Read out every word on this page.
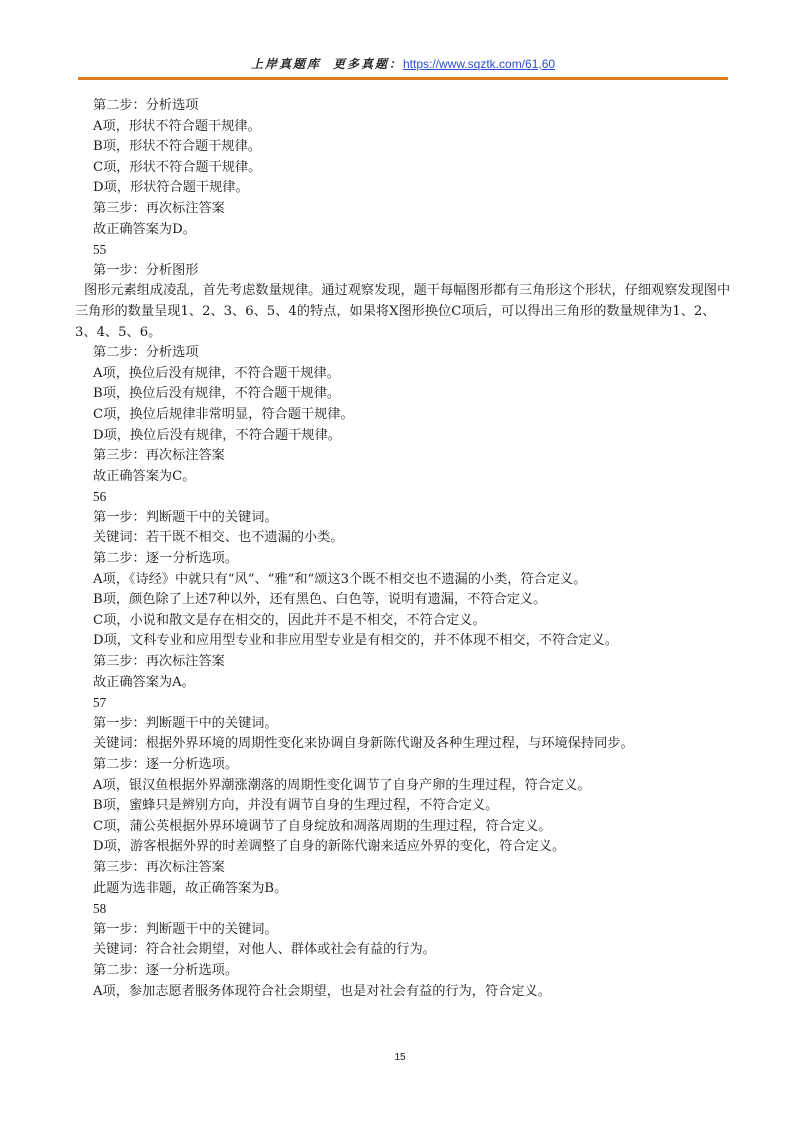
上岸真题库 更多真题：https://www.sqztk.com/61,60
第二步：分析选项
A项，形状不符合题干规律。
B项，形状不符合题干规律。
C项，形状不符合题干规律。
D项，形状符合题干规律。
第三步：再次标注答案
故正确答案为D。
55
第一步：分析图形
图形元素组成凌乱，首先考虑数量规律。通过观察发现，题干每幅图形都有三角形这个形状，仔细观察发现图中三角形的数量呈现1、2、3、6、5、4的特点，如果将X图形换位C项后，可以得出三角形的数量规律为1、2、3、4、5、6。
第二步：分析选项
A项，换位后没有规律，不符合题干规律。
B项，换位后没有规律，不符合题干规律。
C项，换位后规律非常明显，符合题干规律。
D项，换位后没有规律，不符合题干规律。
第三步：再次标注答案
故正确答案为C。
56
第一步：判断题干中的关键词。
关键词：若干既不相交、也不遗漏的小类。
第二步：逐一分析选项。
A项，《诗经》中就只有“风”、“雅”和“颂这3个既不相交也不遗漏的小类，符合定义。
B项，颜色除了上述7种以外，还有黑色、白色等，说明有遗漏，不符合定义。
C项，小说和散文是存在相交的，因此并不是不相交，不符合定义。
D项，文科专业和应用型专业和非应用型专业是有相交的，并不体现不相交，不符合定义。
第三步：再次标注答案
故正确答案为A。
57
第一步：判断题干中的关键词。
关键词：根据外界环境的周期性变化来协调自身新陈代谢及各种生理过程，与环境保持同步。
第二步：逐一分析选项。
A项，银汉鱼根据外界潮涨潮落的周期性变化调节了自身产卵的生理过程，符合定义。
B项，蜜蜂只是辨别方向，并没有调节自身的生理过程，不符合定义。
C项，蒲公英根据外界环境调节了自身绽放和凋落周期的生理过程，符合定义。
D项，游客根据外界的时差调整了自身的新陈代谢来适应外界的变化，符合定义。
第三步：再次标注答案
此题为选非题，故正确答案为B。
58
第一步：判断题干中的关键词。
关键词：符合社会期望，对他人、群体或社会有益的行为。
第二步：逐一分析选项。
A项，参加志愿者服务体现符合社会期望，也是对社会有益的行为，符合定义。
15
